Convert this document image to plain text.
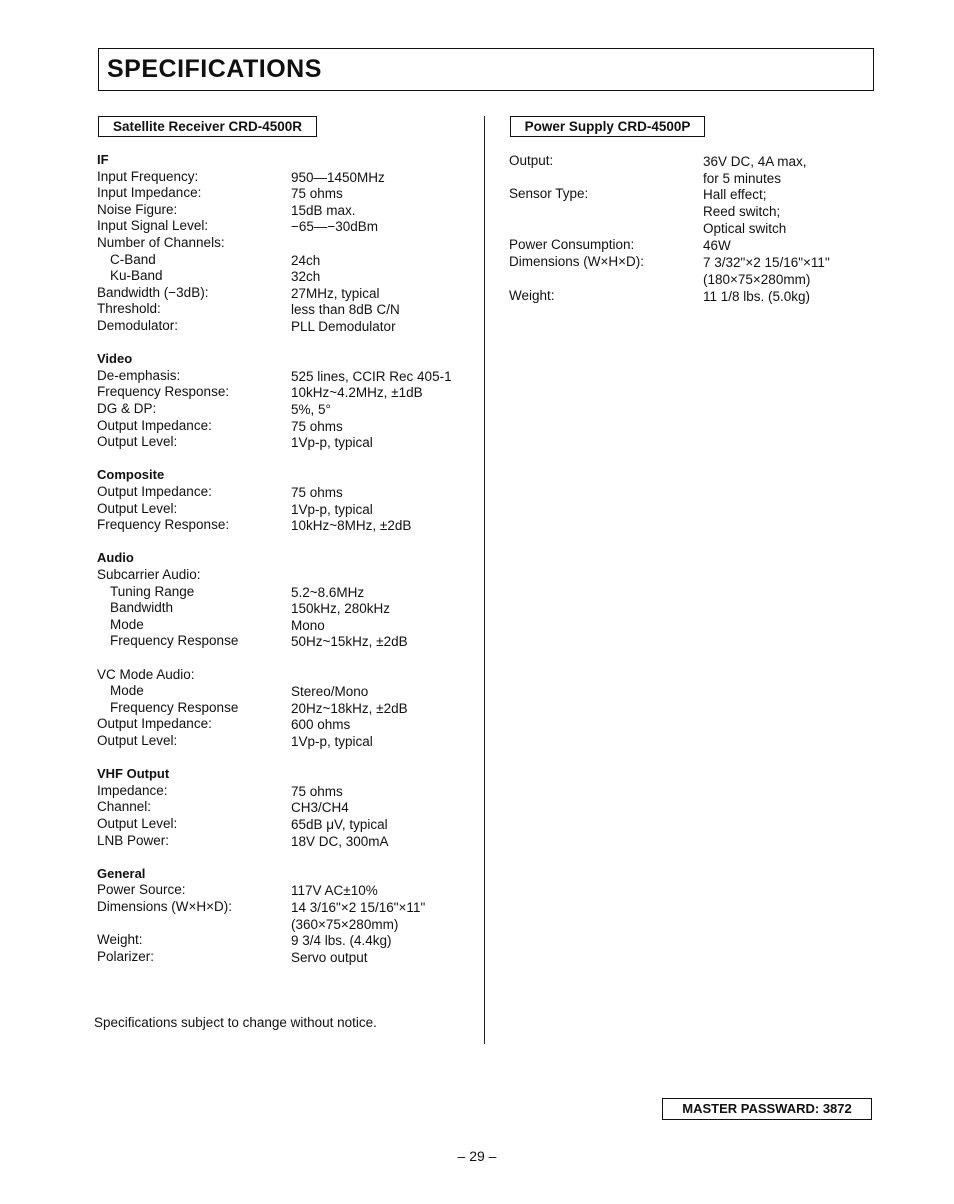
SPECIFICATIONS
Satellite Receiver CRD-4500R	Power Supply CRD-4500P
IF
Input Frequency:	950—1450MHz
Input Impedance:	75 ohms
Noise Figure:	15dB max.
Input Signal Level:	−65—−30dBm
Number of Channels:
C-Band	24ch
Ku-Band	32ch
Bandwidth (−3dB):	27MHz, typical
Threshold:	less than 8dB C/N
Demodulator:	PLL Demodulator
Video
De-emphasis:	525 lines, CCIR Rec 405-1
Frequency Response:	10kHz~4.2MHz, ±1dB
DG & DP:	5%, 5°
Output Impedance:	75 ohms
Output Level:	1Vp-p, typical
Composite
Output Impedance:	75 ohms
Output Level:	1Vp-p, typical
Frequency Response:	10kHz~8MHz, ±2dB
Audio
Subcarrier Audio:
Tuning Range	5.2~8.6MHz
Bandwidth	150kHz, 280kHz
Mode	Mono
Frequency Response	50Hz~15kHz, ±2dB
VC Mode Audio:
Mode	Stereo/Mono
Frequency Response	20Hz~18kHz, ±2dB
Output Impedance:	600 ohms
Output Level:	1Vp-p, typical
VHF Output
Impedance:	75 ohms
Channel:	CH3/CH4
Output Level:	65dB μV, typical
LNB Power:	18V DC, 300mA
General
Power Source:	117V AC±10%
Dimensions (W×H×D):	14 3/16"×2 15/16"×11"
(360×75×280mm)
Weight:	9 3/4 lbs. (4.4kg)
Polarizer:	Servo output
Output:	36V DC, 4A max,
for 5 minutes
Sensor Type:	Hall effect;
Reed switch;
Optical switch
Power Consumption:	46W
Dimensions (W×H×D):	7 3/32"×2 15/16"×11"
(180×75×280mm)
Weight:	11 1/8 lbs. (5.0kg)
Specifications subject to change without notice.
MASTER PASSWARD: 3872
– 29 –
